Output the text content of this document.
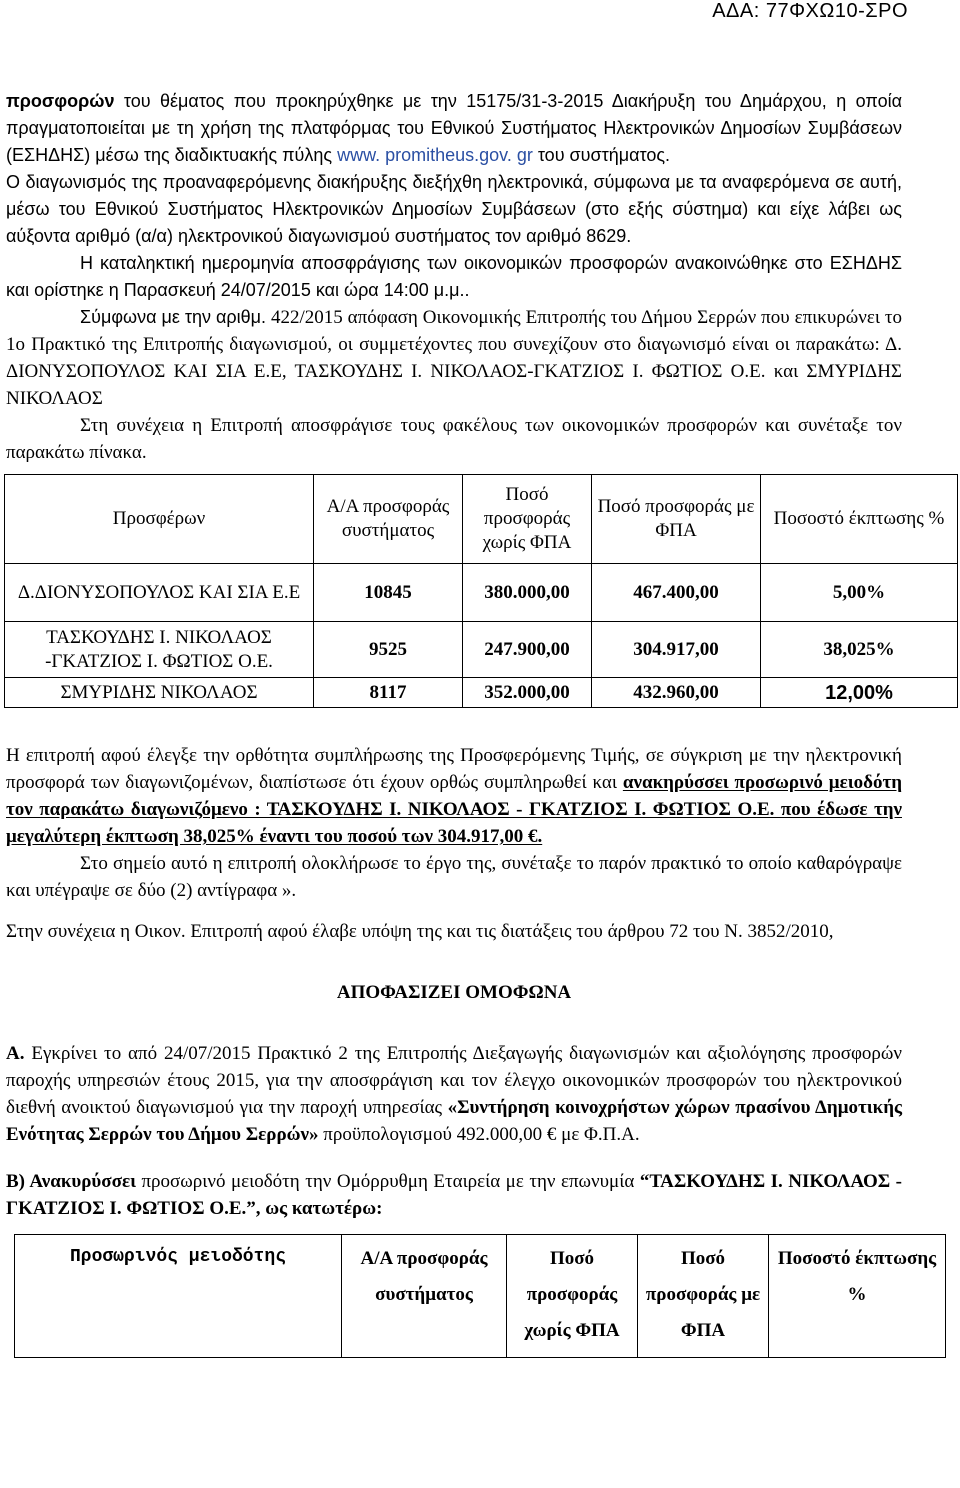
ΑΔΑ: 77ΦΧΩ10-ΣΡΟ

προσφορών του θέματος που προκηρύχθηκε με την 15175/31-3-2015 Διακήρυξη του Δημάρχου, η οποία πραγματοποιείται με τη χρήση της πλατφόρμας του Εθνικού Συστήματος Ηλεκτρονικών Δημοσίων Συμβάσεων (ΕΣΗΔΗΣ) μέσω της διαδικτυακής πύλης www. promitheus.gov. gr του συστήματος.

Ο διαγωνισμός της προαναφερόμενης διακήρυξης διεξήχθη ηλεκτρονικά, σύμφωνα με τα αναφερόμενα σε αυτή, μέσω του Εθνικού Συστήματος Ηλεκτρονικών Δημοσίων Συμβάσεων (στο εξής σύστημα) και είχε λάβει ως αύξοντα αριθμό (α/α) ηλεκτρονικού διαγωνισμού συστήματος τον αριθμό 8629.

Η καταληκτική ημερομηνία αποσφράγισης των οικονομικών προσφορών ανακοινώθηκε στο ΕΣΗΔΗΣ και ορίστηκε η Παρασκευή 24/07/2015 και ώρα 14:00 μ.μ..

Σύμφωνα με την αριθμ. 422/2015 απόφαση Οικονομικής Επιτροπής του Δήμου Σερρών που επικυρώνει το 1ο Πρακτικό της Επιτροπής διαγωνισμού, οι συμμετέχοντες που συνεχίζουν στο διαγωνισμό είναι οι παρακάτω: Δ. ΔΙΟΝΥΣΟΠΟΥΛΟΣ ΚΑΙ ΣΙΑ Ε.Ε, ΤΑΣΚΟΥΔΗΣ Ι. ΝΙΚΟΛΑΟΣ-ΓΚΑΤΖΙΟΣ Ι. ΦΩΤΙΟΣ Ο.Ε. και ΣΜΥΡΙΔΗΣ ΝΙΚΟΛΑΟΣ

Στη συνέχεια η Επιτροπή αποσφράγισε τους φακέλους των οικονομικών προσφορών και συνέταξε τον παρακάτω πίνακα.

Προσφέρων	Α/Α προσφοράς συστήματος	Ποσό προσφοράς χωρίς ΦΠΑ	Ποσό προσφοράς με ΦΠΑ	Ποσοστό έκπτωσης %
Δ.ΔΙΟΝΥΣΟΠΟΥΛΟΣ ΚΑΙ ΣΙΑ Ε.Ε	10845	380.000,00	467.400,00	5,00%
ΤΑΣΚΟΥΔΗΣ Ι. ΝΙΚΟΛΑΟΣ -ΓΚΑΤΖΙΟΣ Ι. ΦΩΤΙΟΣ Ο.Ε.	9525	247.900,00	304.917,00	38,025%
ΣΜΥΡΙΔΗΣ ΝΙΚΟΛΑΟΣ	8117	352.000,00	432.960,00	12,00%

Η επιτροπή αφού έλεγξε την ορθότητα συμπλήρωσης της Προσφερόμενης Τιμής, σε σύγκριση με την ηλεκτρονική προσφορά των διαγωνιζομένων, διαπίστωσε ότι έχουν ορθώς συμπληρωθεί και ανακηρύσσει προσωρινό μειοδότη τον παρακάτω διαγωνιζόμενο : ΤΑΣΚΟΥΔΗΣ Ι. ΝΙΚΟΛΑΟΣ - ΓΚΑΤΖΙΟΣ Ι. ΦΩΤΙΟΣ Ο.Ε. που έδωσε την μεγαλύτερη έκπτωση 38,025% έναντι του ποσού των 304.917,00 €.

Στο σημείο αυτό η επιτροπή ολοκλήρωσε το έργο της, συνέταξε το παρόν πρακτικό το οποίο καθαρόγραψε και υπέγραψε σε δύο (2) αντίγραφα ».

Στην συνέχεια η Οικον. Επιτροπή αφού έλαβε υπόψη της και τις διατάξεις του άρθρου 72 του Ν. 3852/2010,

ΑΠΟΦΑΣΙΖΕΙ ΟΜΟΦΩΝΑ

Α. Εγκρίνει το από 24/07/2015 Πρακτικό 2 της Επιτροπής Διεξαγωγής διαγωνισμών και αξιολόγησης προσφορών παροχής υπηρεσιών έτους 2015, για την αποσφράγιση και τον έλεγχο οικονομικών προσφορών του ηλεκτρονικού διεθνή ανοικτού διαγωνισμού για την παροχή υπηρεσίας «Συντήρηση κοινοχρήστων χώρων πρασίνου Δημοτικής Ενότητας Σερρών του Δήμου Σερρών» προϋπολογισμού 492.000,00 € με Φ.Π.Α.

Β) Ανακυρύσσει προσωρινό μειοδότη την Ομόρρυθμη Εταιρεία με την επωνυμία “ΤΑΣΚΟΥΔΗΣ Ι. ΝΙΚΟΛΑΟΣ - ΓΚΑΤΖΙΟΣ Ι. ΦΩΤΙΟΣ Ο.Ε.”, ως κατωτέρω:

Προσωρινός μειοδότης	Α/Α προσφοράς συστήματος	Ποσό προσφοράς χωρίς ΦΠΑ	Ποσό προσφοράς με ΦΠΑ	Ποσοστό έκπτωσης %
